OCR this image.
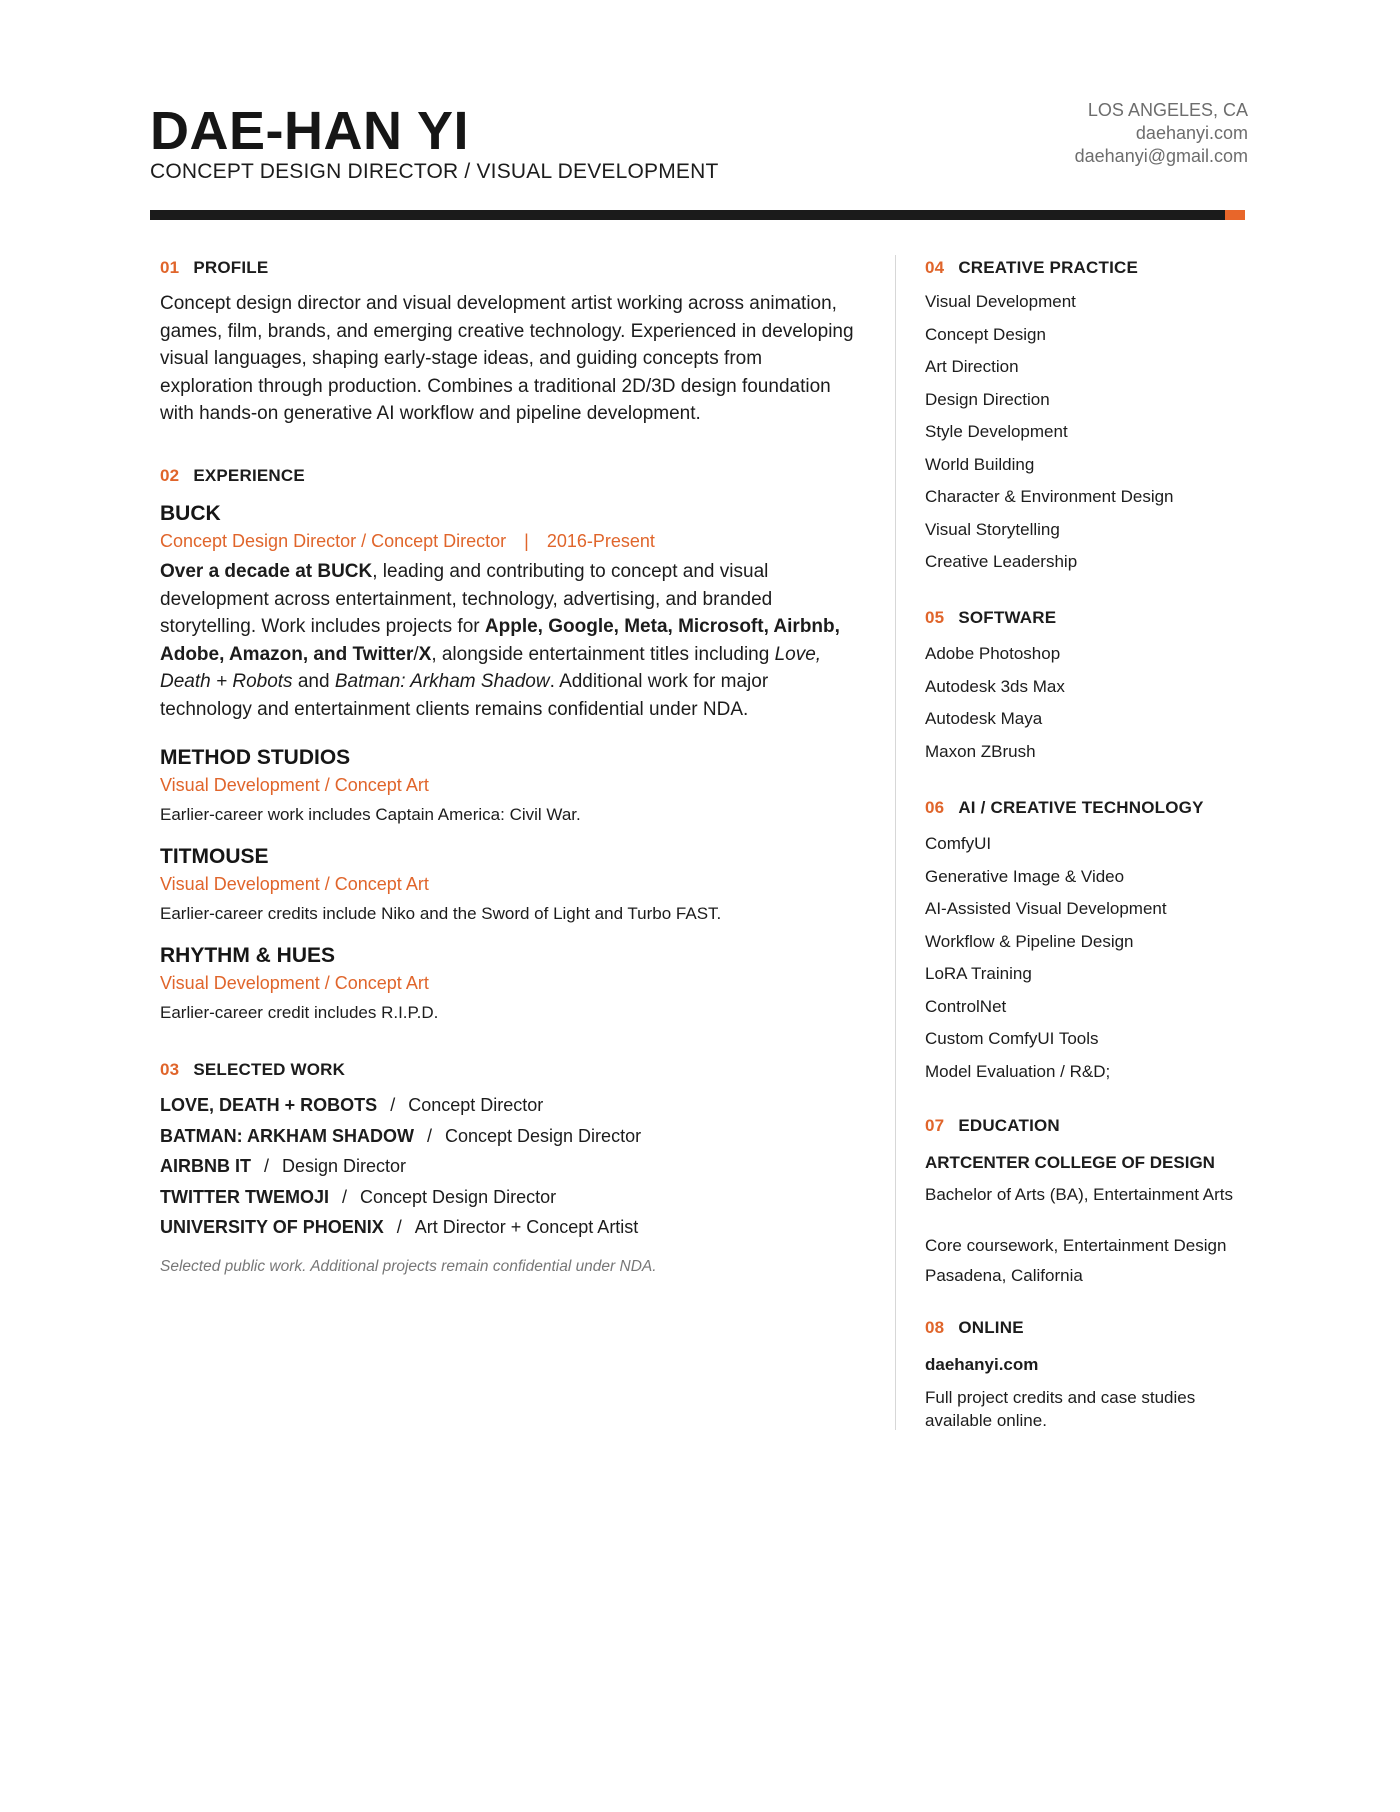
DAE-HAN YI

CONCEPT DESIGN DIRECTOR / VISUAL DEVELOPMENT

LOS ANGELES, CA
daehanyi.com
daehanyi@gmail.com
01 PROFILE

Concept design director and visual development artist working across animation, games, film, brands, and emerging creative technology. Experienced in developing visual languages, shaping early-stage ideas, and guiding concepts from exploration through production. Combines a traditional 2D/3D design foundation with hands-on generative AI workflow and pipeline development.

02 EXPERIENCE
BUCK

Concept Design Director / Concept Director | 2016-Present

Over a decade at BUCK, leading and contributing to concept and visual development across entertainment, technology, advertising, and branded storytelling. Work includes projects for Apple, Google, Meta, Microsoft, Airbnb, Adobe, Amazon, and Twitter/X, alongside entertainment titles including Love, Death + Robots and Batman: Arkham Shadow. Additional work for major technology and entertainment clients remains confidential under NDA.

METHOD STUDIOS

Visual Development / Concept Art

Earlier-career work includes Captain America: Civil War.

TITMOUSE

Visual Development / Concept Art

Earlier-career credits include Niko and the Sword of Light and Turbo FAST.

RHYTHM & HUES

Visual Development / Concept Art

Earlier-career credit includes R.I.P.D.

03 SELECTED WORK
LOVE, DEATH + ROBOTS / Concept Director
BATMAN: ARKHAM SHADOW / Concept Design Director
AIRBNB IT / Design Director
TWITTER TWEMOJI / Concept Design Director
UNIVERSITY OF PHOENIX / Art Director + Concept Artist

Selected public work. Additional projects remain confidential under NDA.

04 CREATIVE PRACTICE
Visual Development
Concept Design
Art Direction
Design Direction
Style Development
World Building
Character & Environment Design
Visual Storytelling
Creative Leadership
05 SOFTWARE
Adobe Photoshop
Autodesk 3ds Max
Autodesk Maya
Maxon ZBrush
06 AI / CREATIVE TECHNOLOGY
ComfyUI
Generative Image & Video
AI-Assisted Visual Development
Workflow & Pipeline Design
LoRA Training
ControlNet
Custom ComfyUI Tools
Model Evaluation / R&D;
07 EDUCATION

ARTCENTER COLLEGE OF DESIGN

Bachelor of Arts (BA), Entertainment Arts

Core coursework, Entertainment Design

Pasadena, California

08 ONLINE

daehanyi.com

Full project credits and case studies available online.
